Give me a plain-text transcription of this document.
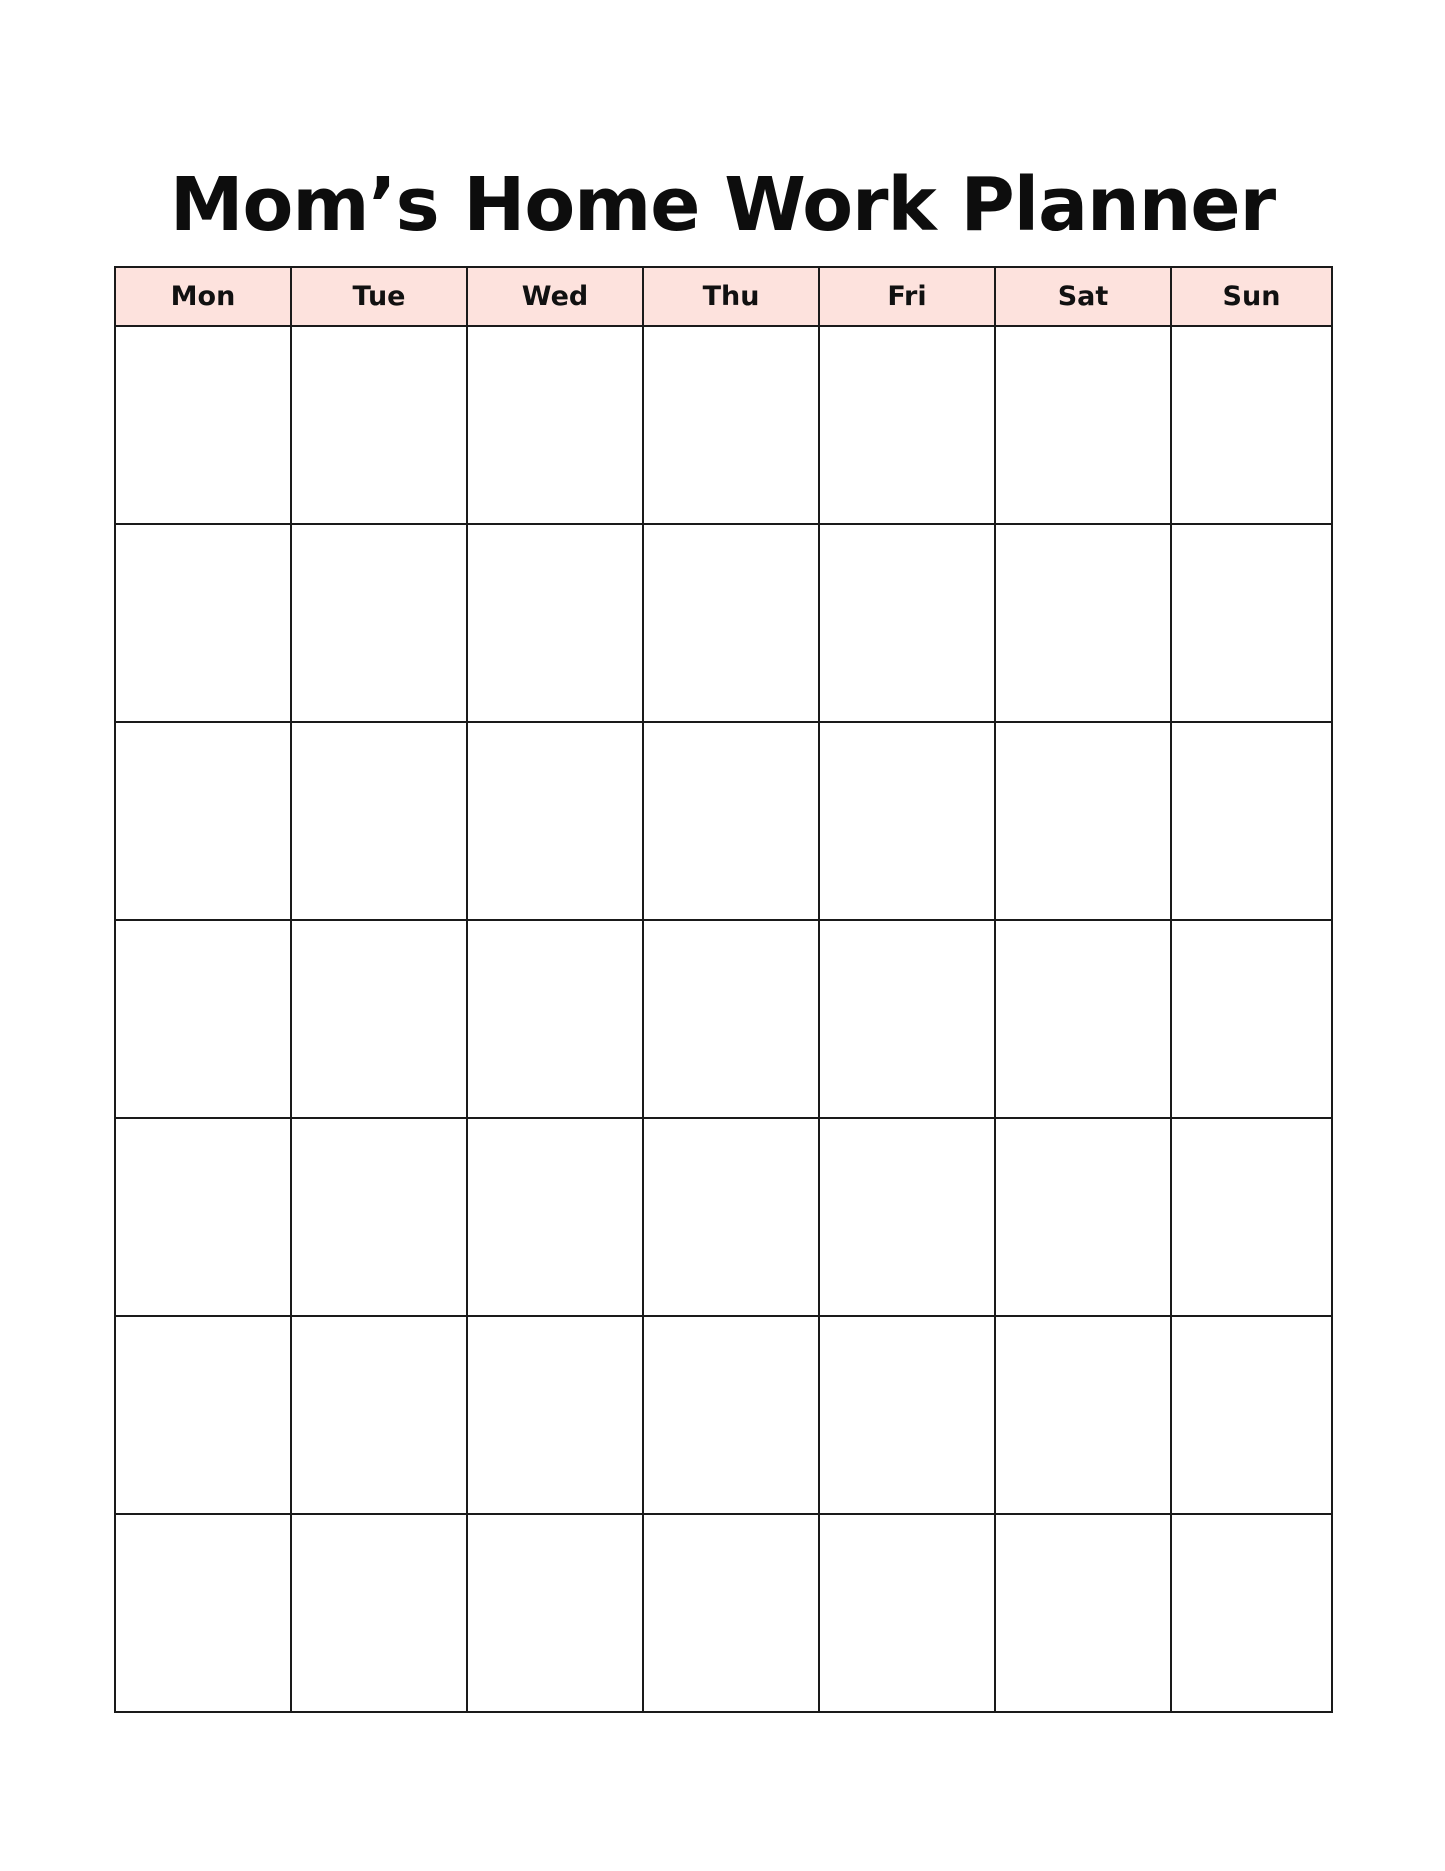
Mom’s Home Work Planner
Mon	Tue	Wed	Thu	Fri	Sat	Sun
